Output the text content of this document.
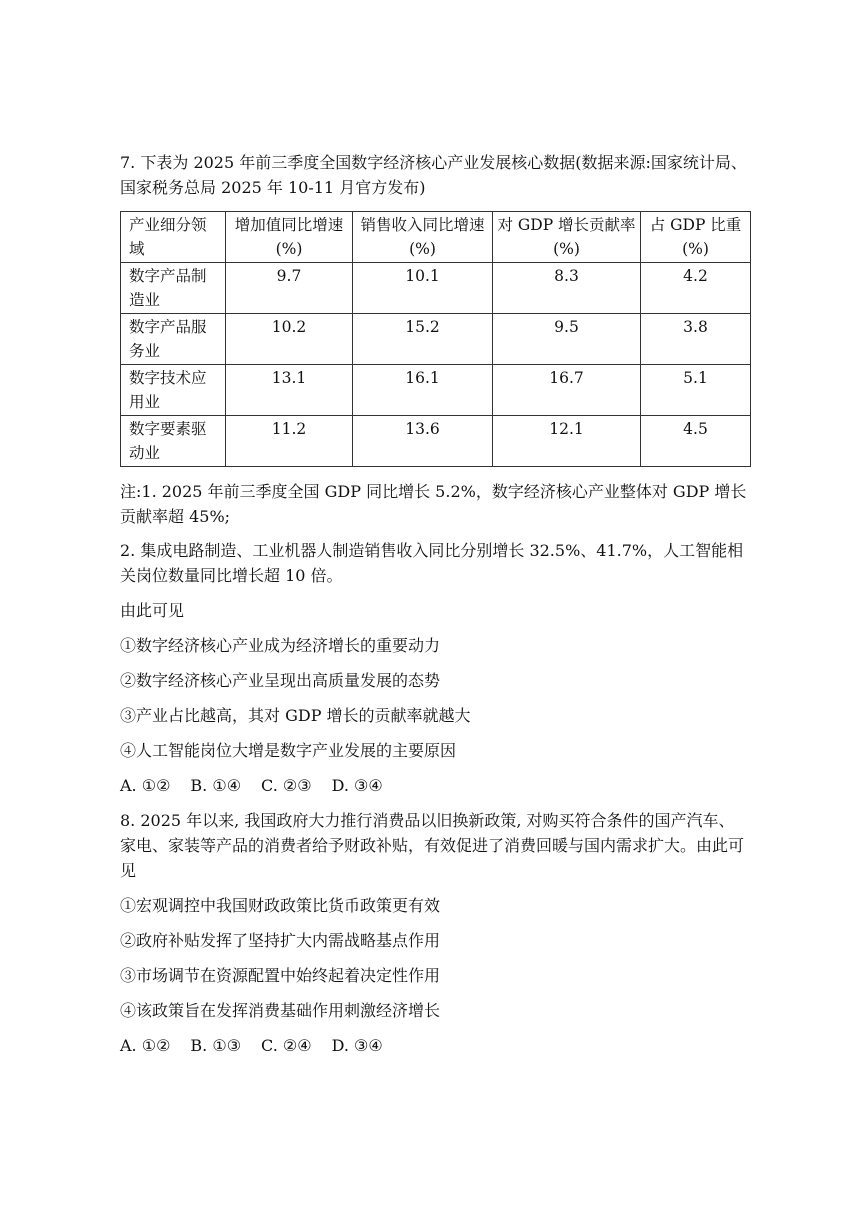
7. 下表为 2025 年前三季度全国数字经济核心产业发展核心数据(数据来源:国家统计局、国家税务总局 2025 年 10-11 月官方发布)

产业细分领域	增加值同比增速(%)	销售收入同比增速(%)	对 GDP 增长贡献率(%)	占 GDP 比重(%)
数字产品制造业	9.7	10.1	8.3	4.2
数字产品服务业	10.2	15.2	9.5	3.8
数字技术应用业	13.1	16.1	16.7	5.1
数字要素驱动业	11.2	13.6	12.1	4.5

注:1. 2025 年前三季度全国 GDP 同比增长 5.2%，数字经济核心产业整体对 GDP 增长贡献率超 45%;

2. 集成电路制造、工业机器人制造销售收入同比分别增长 32.5%、41.7%，人工智能相关岗位数量同比增长超 10 倍。

由此可见

①数字经济核心产业成为经济增长的重要动力

②数字经济核心产业呈现出高质量发展的态势

③产业占比越高，其对 GDP 增长的贡献率就越大

④人工智能岗位大增是数字产业发展的主要原因

A. ①② B. ①④ C. ②③ D. ③④

8. 2025 年以来, 我国政府大力推行消费品以旧换新政策, 对购买符合条件的国产汽车、家电、家装等产品的消费者给予财政补贴，有效促进了消费回暖与国内需求扩大。由此可见

①宏观调控中我国财政政策比货币政策更有效

②政府补贴发挥了坚持扩大内需战略基点作用

③市场调节在资源配置中始终起着决定性作用

④该政策旨在发挥消费基础作用刺激经济增长

A. ①② B. ①③ C. ②④ D. ③④
